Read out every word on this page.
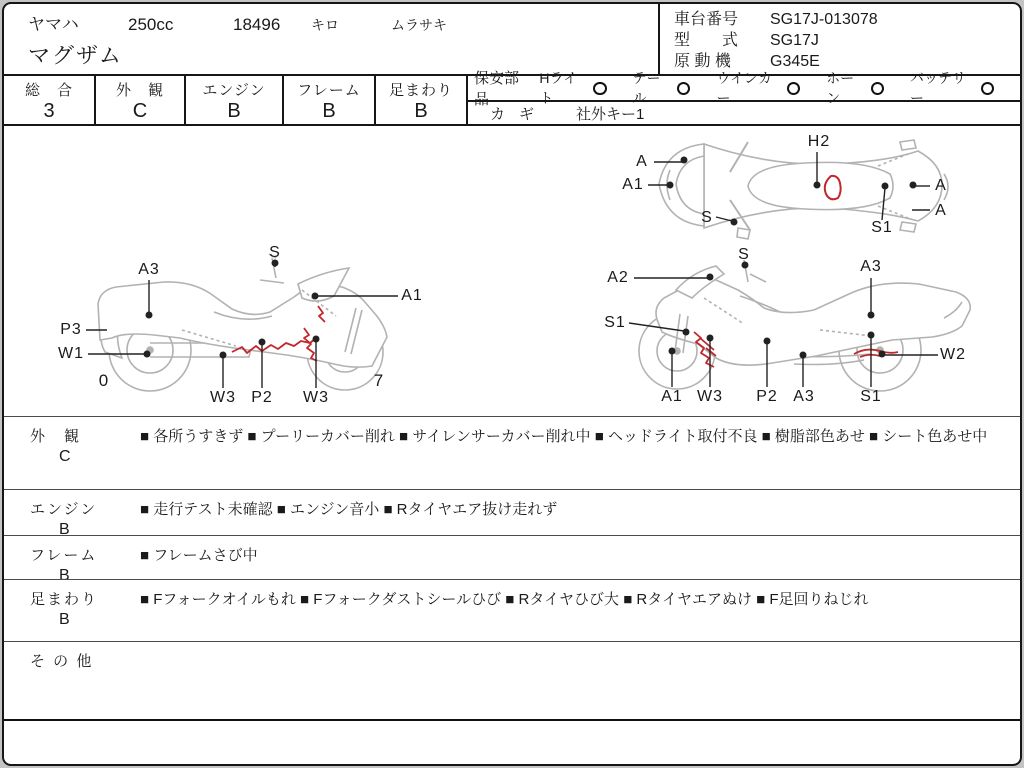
ヤマハ	250cc	18496	キロ	ムラサキ
マグザム
車台番号	SG17J-013078
型　　式	SG17J
原 動 機	G345E
総　合
3
外　観
C
エンジン
B
フレーム
B
足まわり
B
保安部品
Hライト
テール
ウインカー
ホーン
バッテリー
カギ	社外キー1
A3
S
A1
P3
W1
0
W3 P2 W3
7
A2
S
A3
S1
W2
A1 W3 P2 A3	S1
A
A1
S
H2
S1
A
A
外　観
C
■ 各所うすきず ■ プーリーカバー削れ ■ サイレンサーカバー削れ中 ■ ヘッドライト取付不良 ■ 樹脂部色あせ ■ シート色あせ中
エンジン
B
■ 走行テスト未確認 ■ エンジン音小 ■ Rタイヤエア抜け走れず
フレーム
B
■ フレームさび中
足まわり
B
■ Fフォークオイルもれ ■ Fフォークダストシールひび ■ Rタイヤひび大 ■ Rタイヤエアぬけ ■ F足回りねじれ
そ の 他
